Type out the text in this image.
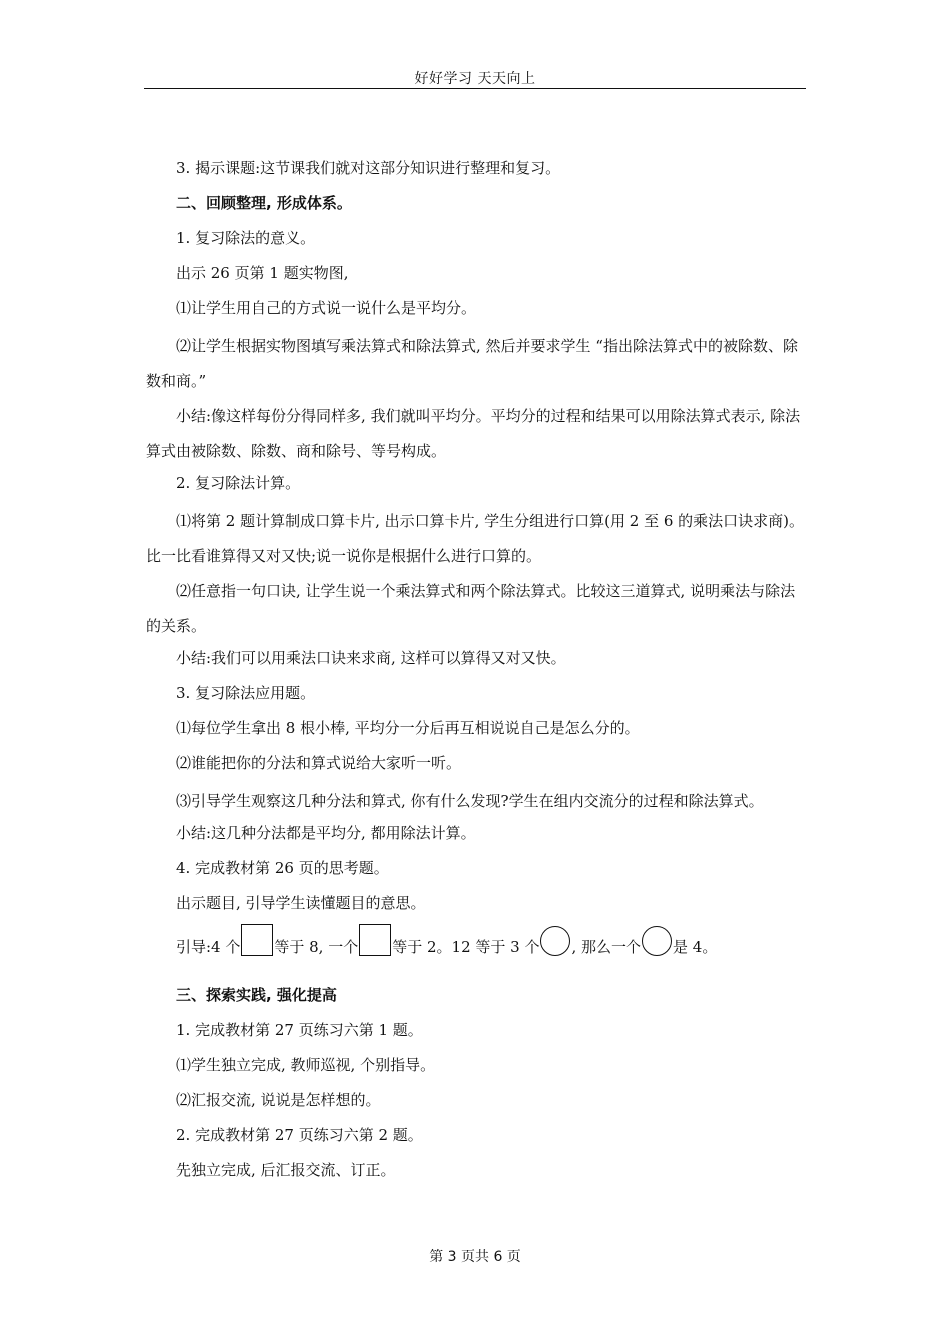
好好学习 天天向上
3. 揭示课题:这节课我们就对这部分知识进行整理和复习。
二、回顾整理, 形成体系。
1. 复习除法的意义。
出示 26 页第 1 题实物图,
⑴让学生用自己的方式说一说什么是平均分。
⑵让学生根据实物图填写乘法算式和除法算式, 然后并要求学生 “指出除法算式中的被除数、除数和商。”
小结:像这样每份分得同样多, 我们就叫平均分。平均分的过程和结果可以用除法算式表示, 除法算式由被除数、除数、商和除号、等号构成。
2. 复习除法计算。
⑴将第 2 题计算制成口算卡片, 出示口算卡片, 学生分组进行口算(用 2 至 6 的乘法口诀求商)。比一比看谁算得又对又快;说一说你是根据什么进行口算的。
⑵任意指一句口诀, 让学生说一个乘法算式和两个除法算式。比较这三道算式, 说明乘法与除法的关系。
小结:我们可以用乘法口诀来求商, 这样可以算得又对又快。
3. 复习除法应用题。
⑴每位学生拿出 8 根小棒, 平均分一分后再互相说说自己是怎么分的。
⑵谁能把你的分法和算式说给大家听一听。
⑶引导学生观察这几种分法和算式, 你有什么发现?学生在组内交流分的过程和除法算式。
小结:这几种分法都是平均分, 都用除法计算。
4. 完成教材第 26 页的思考题。
出示题目, 引导学生读懂题目的意思。
引导:4 个 等于 8, 一个 等于 2。12 等于 3 个 , 那么一个 是 4。
三、探索实践, 强化提高
1. 完成教材第 27 页练习六第 1 题。
⑴学生独立完成, 教师巡视, 个别指导。
⑵汇报交流, 说说是怎样想的。
2. 完成教材第 27 页练习六第 2 题。
先独立完成, 后汇报交流、订正。
第 3 页共 6 页
